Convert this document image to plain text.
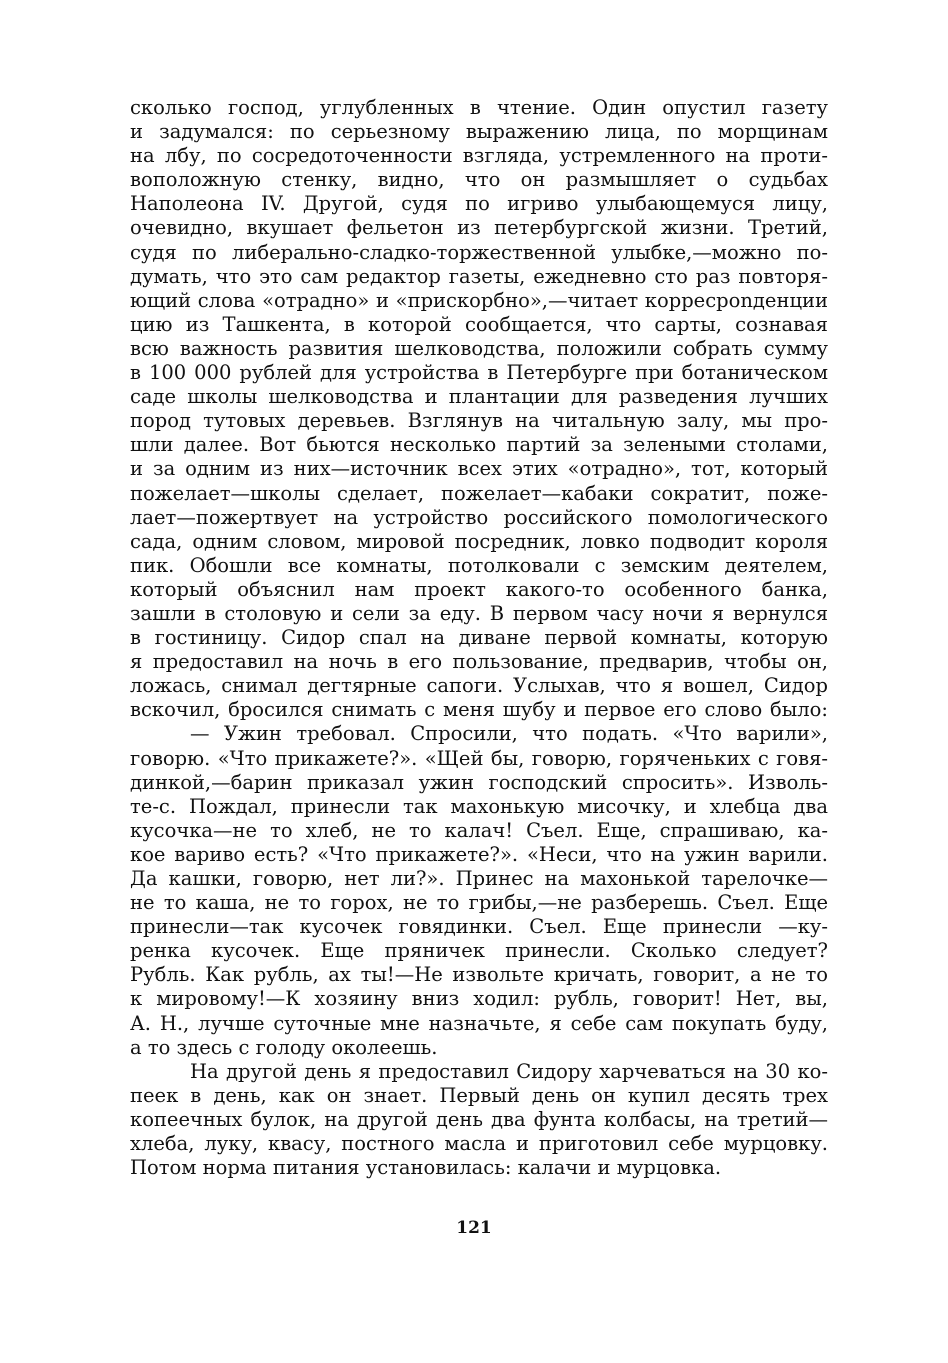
сколько господ, углубленных в чтение. Один опустил газету
и задумался: по серьезному выражению лица, по морщинам
на лбу, по сосредоточенности взгляда, устремленного на проти-
воположную стенку, видно, что он размышляет о судьбах
Наполеона IV. Другой, судя по игриво улыбающемуся лицу,
очевидно, вкушает фельетон из петербургской жизни. Третий,
судя по либерально-сладко-торжественной улыбке,—можно по-
думать, что это сам редактор газеты, ежедневно сто раз повторя-
ющий слова «отрадно» и «прискорбно»,—читает корресponденции
цию из Ташкента, в которой сообщается, что сарты, сознавая
всю важность развития шелководства, положили собрать сумму
в 100 000 рублей для устройства в Петербурге при ботаническом
саде школы шелководства и плантации для разведения лучших
пород тутовых деревьев. Взглянув на читальную залу, мы про-
шли далее. Вот бьются несколько партий за зелеными столами,
и за одним из них—источник всех этих «отрадно», тот, который
пожелает—школы сделает, пожелает—кабаки сократит, поже-
лает—пожертвует на устройство российского помологического
сада, одним словом, мировой посредник, ловко подводит короля
пик. Обошли все комнаты, потолковали с земским деятелем,
который объяснил нам проект какого-то особенного банка,
зашли в столовую и сели за еду. В первом часу ночи я вернулся
в гостиницу. Сидор спал на диване первой комнаты, которую
я предоставил на ночь в его пользование, предварив, чтобы он,
ложась, снимал дегтярные сапоги. Услыхав, что я вошел, Сидор
вскочил, бросился снимать с меня шубу и первое его слово было:
— Ужин требовал. Спросили, что подать. «Что варили»,
говорю. «Что прикажете?». «Щей бы, говорю, горяченьких с говя-
динкой,—барин приказал ужин господский спросить». Изволь-
те-с. Пождал, принесли так махонькую мисочку, и хлебца два
кусочка—не то хлеб, не то калач! Съел. Еще, спрашиваю, ка-
кое вариво есть? «Что прикажете?». «Неси, что на ужин варили.
Да кашки, говорю, нет ли?». Принес на махонькой тарелочке—
не то каша, не то горох, не то грибы,—не разберешь. Съел. Еще
принесли—так кусочек говядинки. Съел. Еще принесли —ку-
ренка кусочек. Еще пряничек принесли. Сколько следует?
Рубль. Как рубль, ах ты!—Не извольте кричать, говорит, а не то
к мировому!—К хозяину вниз ходил: рубль, говорит! Нет, вы,
А. Н., лучше суточные мне назначьте, я себе сам покупать буду,
а то здесь с голоду околеешь.
На другой день я предоставил Сидору харчеваться на 30 ко-
пеек в день, как он знает. Первый день он купил десять трех
копеечных булок, на другой день два фунта колбасы, на третий—
хлеба, луку, квасу, постного масла и приготовил себе мурцовку.
Потом норма питания установилась: калачи и мурцовка.
121
